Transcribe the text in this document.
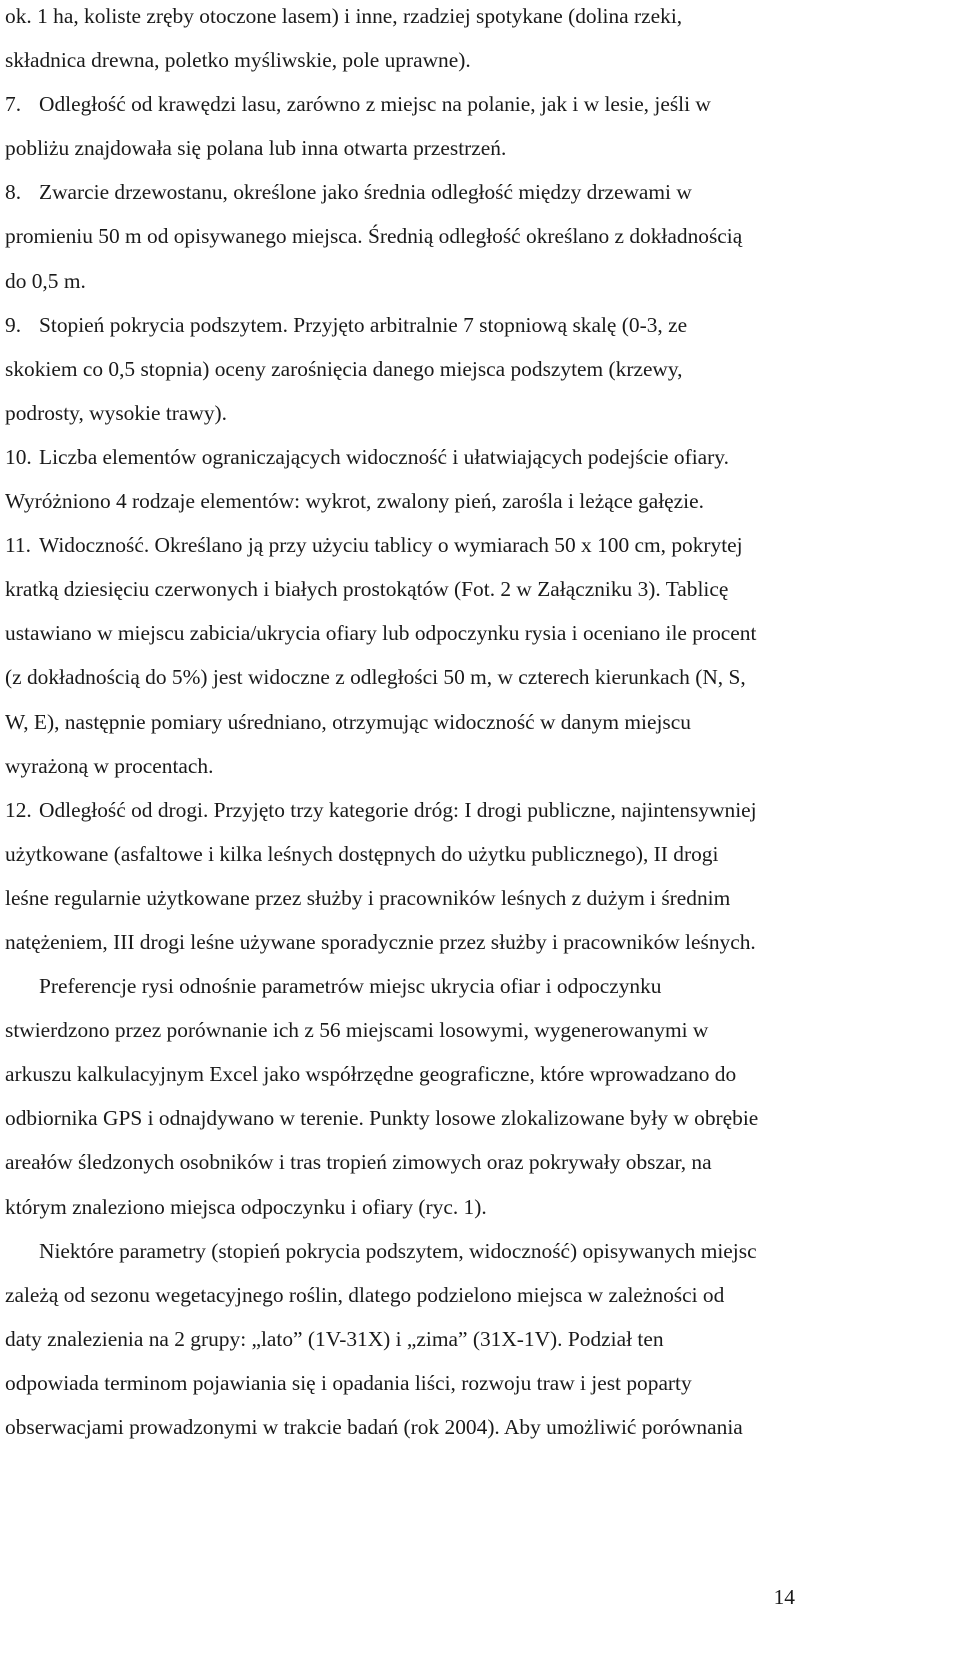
ok. 1 ha, koliste zręby otoczone lasem) i inne, rzadziej spotykane (dolina rzeki,
składnica drewna, poletko myśliwskie, pole uprawne).
7. Odległość od krawędzi lasu, zarówno z miejsc na polanie, jak i w lesie, jeśli w
pobliżu znajdowała się polana lub inna otwarta przestrzeń.
8. Zwarcie drzewostanu, określone jako średnia odległość między drzewami w
promieniu 50 m od opisywanego miejsca. Średnią odległość określano z dokładnością
do 0,5 m.
9. Stopień pokrycia podszytem. Przyjęto arbitralnie 7 stopniową skalę (0-3, ze
skokiem co 0,5 stopnia) oceny zarośnięcia danego miejsca podszytem (krzewy,
podrosty, wysokie trawy).
10. Liczba elementów ograniczających widoczność i ułatwiających podejście ofiary.
Wyróżniono 4 rodzaje elementów: wykrot, zwalony pień, zarośla i leżące gałęzie.
11. Widoczność. Określano ją przy użyciu tablicy o wymiarach 50 x 100 cm, pokrytej
kratką dziesięciu czerwonych i białych prostokątów (Fot. 2 w Załączniku 3). Tablicę
ustawiano w miejscu zabicia/ukrycia ofiary lub odpoczynku rysia i oceniano ile procent
(z dokładnością do 5%) jest widoczne z odległości 50 m, w czterech kierunkach (N, S,
W, E), następnie pomiary uśredniano, otrzymując widoczność w danym miejscu
wyrażoną w procentach.
12. Odległość od drogi. Przyjęto trzy kategorie dróg: I drogi publiczne, najintensywniej
użytkowane (asfaltowe i kilka leśnych dostępnych do użytku publicznego), II drogi
leśne regularnie użytkowane przez służby i pracowników leśnych z dużym i średnim
natężeniem, III drogi leśne używane sporadycznie przez służby i pracowników leśnych.
Preferencje rysi odnośnie parametrów miejsc ukrycia ofiar i odpoczynku
stwierdzono przez porównanie ich z 56 miejscami losowymi, wygenerowanymi w
arkuszu kalkulacyjnym Excel jako współrzędne geograficzne, które wprowadzano do
odbiornika GPS i odnajdywano w terenie. Punkty losowe zlokalizowane były w obrębie
areałów śledzonych osobników i tras tropień zimowych oraz pokrywały obszar, na
którym znaleziono miejsca odpoczynku i ofiary (ryc. 1).
Niektóre parametry (stopień pokrycia podszytem, widoczność) opisywanych miejsc
zależą od sezonu wegetacyjnego roślin, dlatego podzielono miejsca w zależności od
daty znalezienia na 2 grupy: „lato” (1V-31X) i „zima” (31X-1V). Podział ten
odpowiada terminom pojawiania się i opadania liści, rozwoju traw i jest poparty
obserwacjami prowadzonymi w trakcie badań (rok 2004). Aby umożliwić porównania
14
